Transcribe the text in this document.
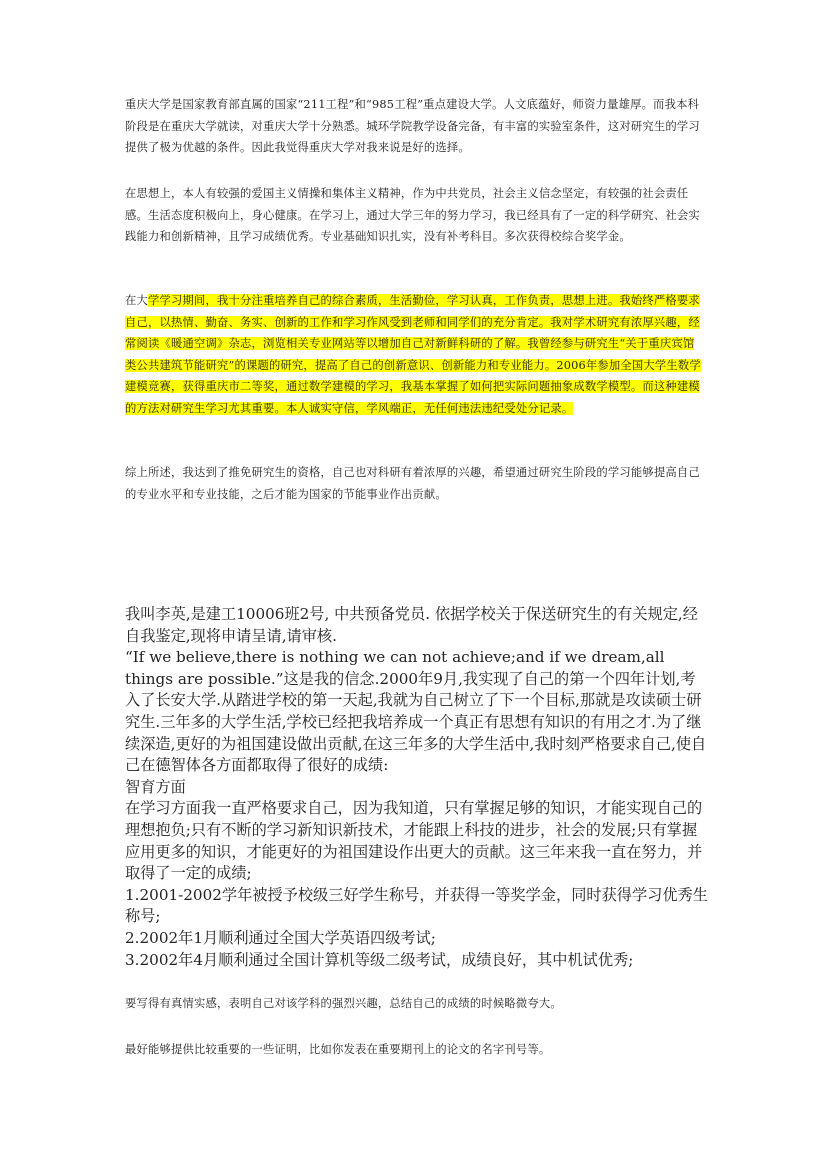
重庆大学是国家教育部直属的国家“211工程”和“985工程”重点建设大学。人文底蕴好，师资力量雄厚。而我本科阶段是在重庆大学就读，对重庆大学十分熟悉。城环学院教学设备完备，有丰富的实验室条件，这对研究生的学习提供了极为优越的条件。因此我觉得重庆大学对我来说是好的选择。

在思想上，本人有较强的爱国主义情操和集体主义精神，作为中共党员，社会主义信念坚定，有较强的社会责任感。生活态度积极向上，身心健康。在学习上，通过大学三年的努力学习，我已经具有了一定的科学研究、社会实践能力和创新精神，且学习成绩优秀。专业基础知识扎实，没有补考科目。多次获得校综合奖学金。

在大学学习期间，我十分注重培养自己的综合素质，生活勤俭，学习认真，工作负责，思想上进。我始终严格要求自己，以热情、勤奋、务实、创新的工作和学习作风受到老师和同学们的充分肯定。我对学术研究有浓厚兴趣，经常阅读《暖通空调》杂志，浏览相关专业网站等以增加自己对新鲜科研的了解。我曾经参与研究生“关于重庆宾馆类公共建筑节能研究”的课题的研究，提高了自己的创新意识、创新能力和专业能力。2006年参加全国大学生数学建模竞赛，获得重庆市二等奖，通过数学建模的学习，我基本掌握了如何把实际问题抽象成数学模型。而这种建模的方法对研究生学习尤其重要。本人诚实守信，学风端正，无任何违法违纪受处分记录。

综上所述，我达到了推免研究生的资格，自己也对科研有着浓厚的兴趣，希望通过研究生阶段的学习能够提高自己的专业水平和专业技能，之后才能为国家的节能事业作出贡献。

我叫李英,是建工10006班2号, 中共预备党员. 依据学校关于保送研究生的有关规定,经自我鉴定,现将申请呈请,请审核.

“If we believe,there is nothing we can not achieve;and if we dream,all things are possible.”这是我的信念.2000年9月,我实现了自己的第一个四年计划,考入了长安大学.从踏进学校的第一天起,我就为自己树立了下一个目标,那就是攻读硕士研究生.三年多的大学生活,学校已经把我培养成一个真正有思想有知识的有用之才.为了继续深造,更好的为祖国建设做出贡献,在这三年多的大学生活中,我时刻严格要求自己,使自己在德智体各方面都取得了很好的成绩:

智育方面

在学习方面我一直严格要求自己，因为我知道，只有掌握足够的知识，才能实现自己的理想抱负;只有不断的学习新知识新技术，才能跟上科技的进步，社会的发展;只有掌握应用更多的知识，才能更好的为祖国建设作出更大的贡献。这三年来我一直在努力，并取得了一定的成绩;

1.2001-2002学年被授予校级三好学生称号，并获得一等奖学金，同时获得学习优秀生称号;

2.2002年1月顺利通过全国大学英语四级考试;

3.2002年4月顺利通过全国计算机等级二级考试，成绩良好，其中机试优秀;

要写得有真情实感，表明自己对该学科的强烈兴趣，总结自己的成绩的时候略微夸大。

最好能够提供比较重要的一些证明，比如你发表在重要期刊上的论文的名字刊号等。
